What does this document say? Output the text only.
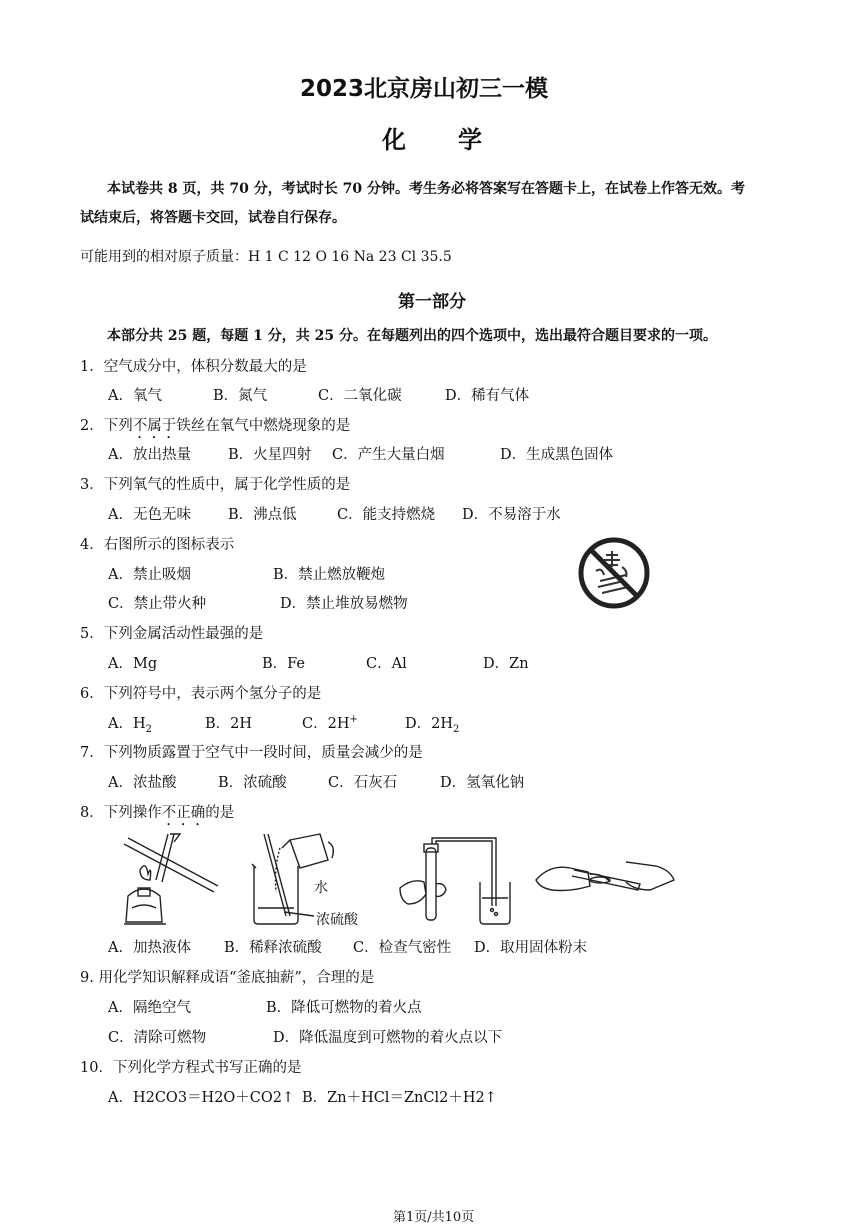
2023北京房山初三一模
化学
本试卷共 8 页，共 70 分，考试时长 70 分钟。考生务必将答案写在答题卡上，在试卷上作答无效。考
试结束后，将答题卡交回，试卷自行保存。
可能用到的相对原子质量：H 1 C 12 O 16 Na 23 Cl 35.5
第一部分
本部分共 25 题，每题 1 分，共 25 分。在每题列出的四个选项中，选出最符合题目要求的一项。
1．空气成分中，体积分数最大的是
A．氧气	B．氮气	C．二氧化碳	D．稀有气体
2．下列不属于铁丝在氧气中燃烧现象的是
A．放出热量	B．火星四射 C．产生大量白烟	D．生成黑色固体
3．下列氧气的性质中，属于化学性质的是
A．无色无味	B．沸点低	C．能支持燃烧 D．不易溶于水
4．右图所示的图标表示
A．禁止吸烟	B．禁止燃放鞭炮
C．禁止带火种	D．禁止堆放易燃物
5．下列金属活动性最强的是
A．Mg	B．Fe	C．Al	D．Zn
6．下列符号中，表示两个氢分子的是
A．$H_2$	B．2H	C．2H+	D．$2H_2$
7．下列物质露置于空气中一段时间，质量会减少的是
A．浓盐酸	B．浓硫酸	C．石灰石	D．氢氧化钠
8．下列操作不正确的是
水
浓硫酸
A．加热液体 B．稀释浓硫酸 C．检查气密性 D．取用固体粉末
9. 用化学知识解释成语“釜底抽薪”，合理的是
A．隔绝空气	B．降低可燃物的着火点
C．清除可燃物	D．降低温度到可燃物的着火点以下
10．下列化学方程式书写正确的是
A．H2CO3＝H2O＋CO2↑ B．Zn＋HCl＝ZnCl2＋H2↑
第1页/共10页
